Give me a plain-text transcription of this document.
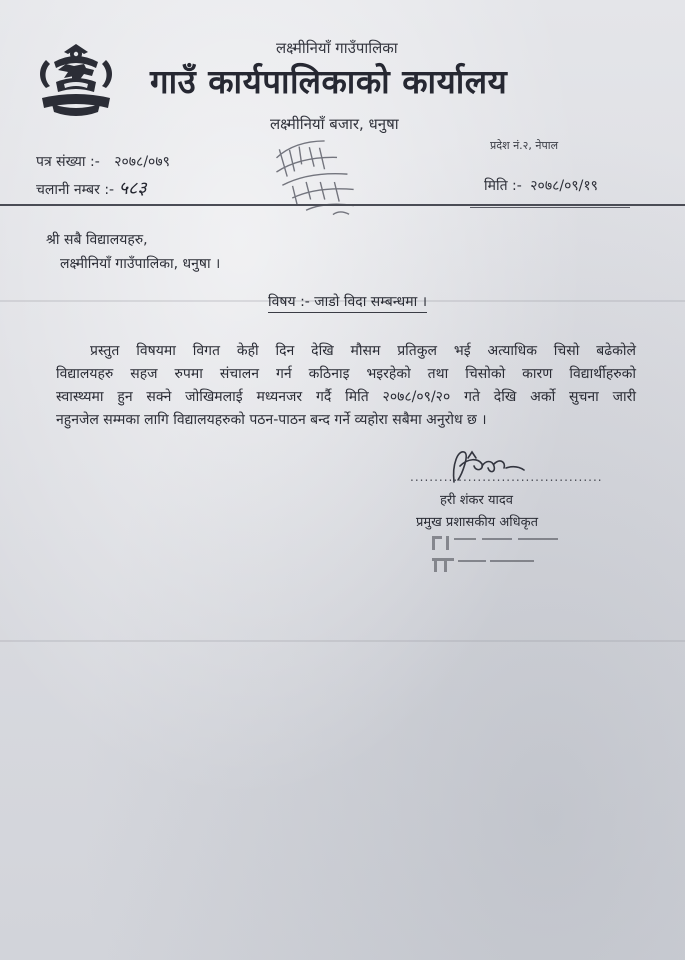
लक्ष्मीनियाँ गाउँपालिका
गाउँ कार्यपालिकाको कार्यालय
लक्ष्मीनियाँ बजार, धनुषा
प्रदेश नं.२, नेपाल
पत्र संख्या :- २०७८/०७९
चलानी नम्बर :- ५८३	मिति :- २०७८/०९/१९
श्री सबै विद्यालयहरु,
लक्ष्मीनियाँ गाउँपालिका, धनुषा ।
विषय :- जाडो विदा सम्बन्धमा ।
प्रस्तुत विषयमा विगत केही दिन देखि मौसम प्रतिकुल भई अत्याधिक चिसो बढेकोले
विद्यालयहरु सहज रुपमा संचालन गर्न कठिनाइ भइरहेको तथा चिसोको कारण विद्यार्थीहरुको
स्वास्थ्यमा हुन सक्ने जोखिमलाई मध्यनजर गर्दै मिति २०७८/०९/२० गते देखि अर्को सुचना जारी
नहुनजेल सम्मका लागि विद्यालयहरुको पठन-पाठन बन्द गर्ने व्यहोरा सबैमा अनुरोध छ ।
........................................
हरी शंकर यादव
प्रमुख प्रशासकीय अधिकृत
